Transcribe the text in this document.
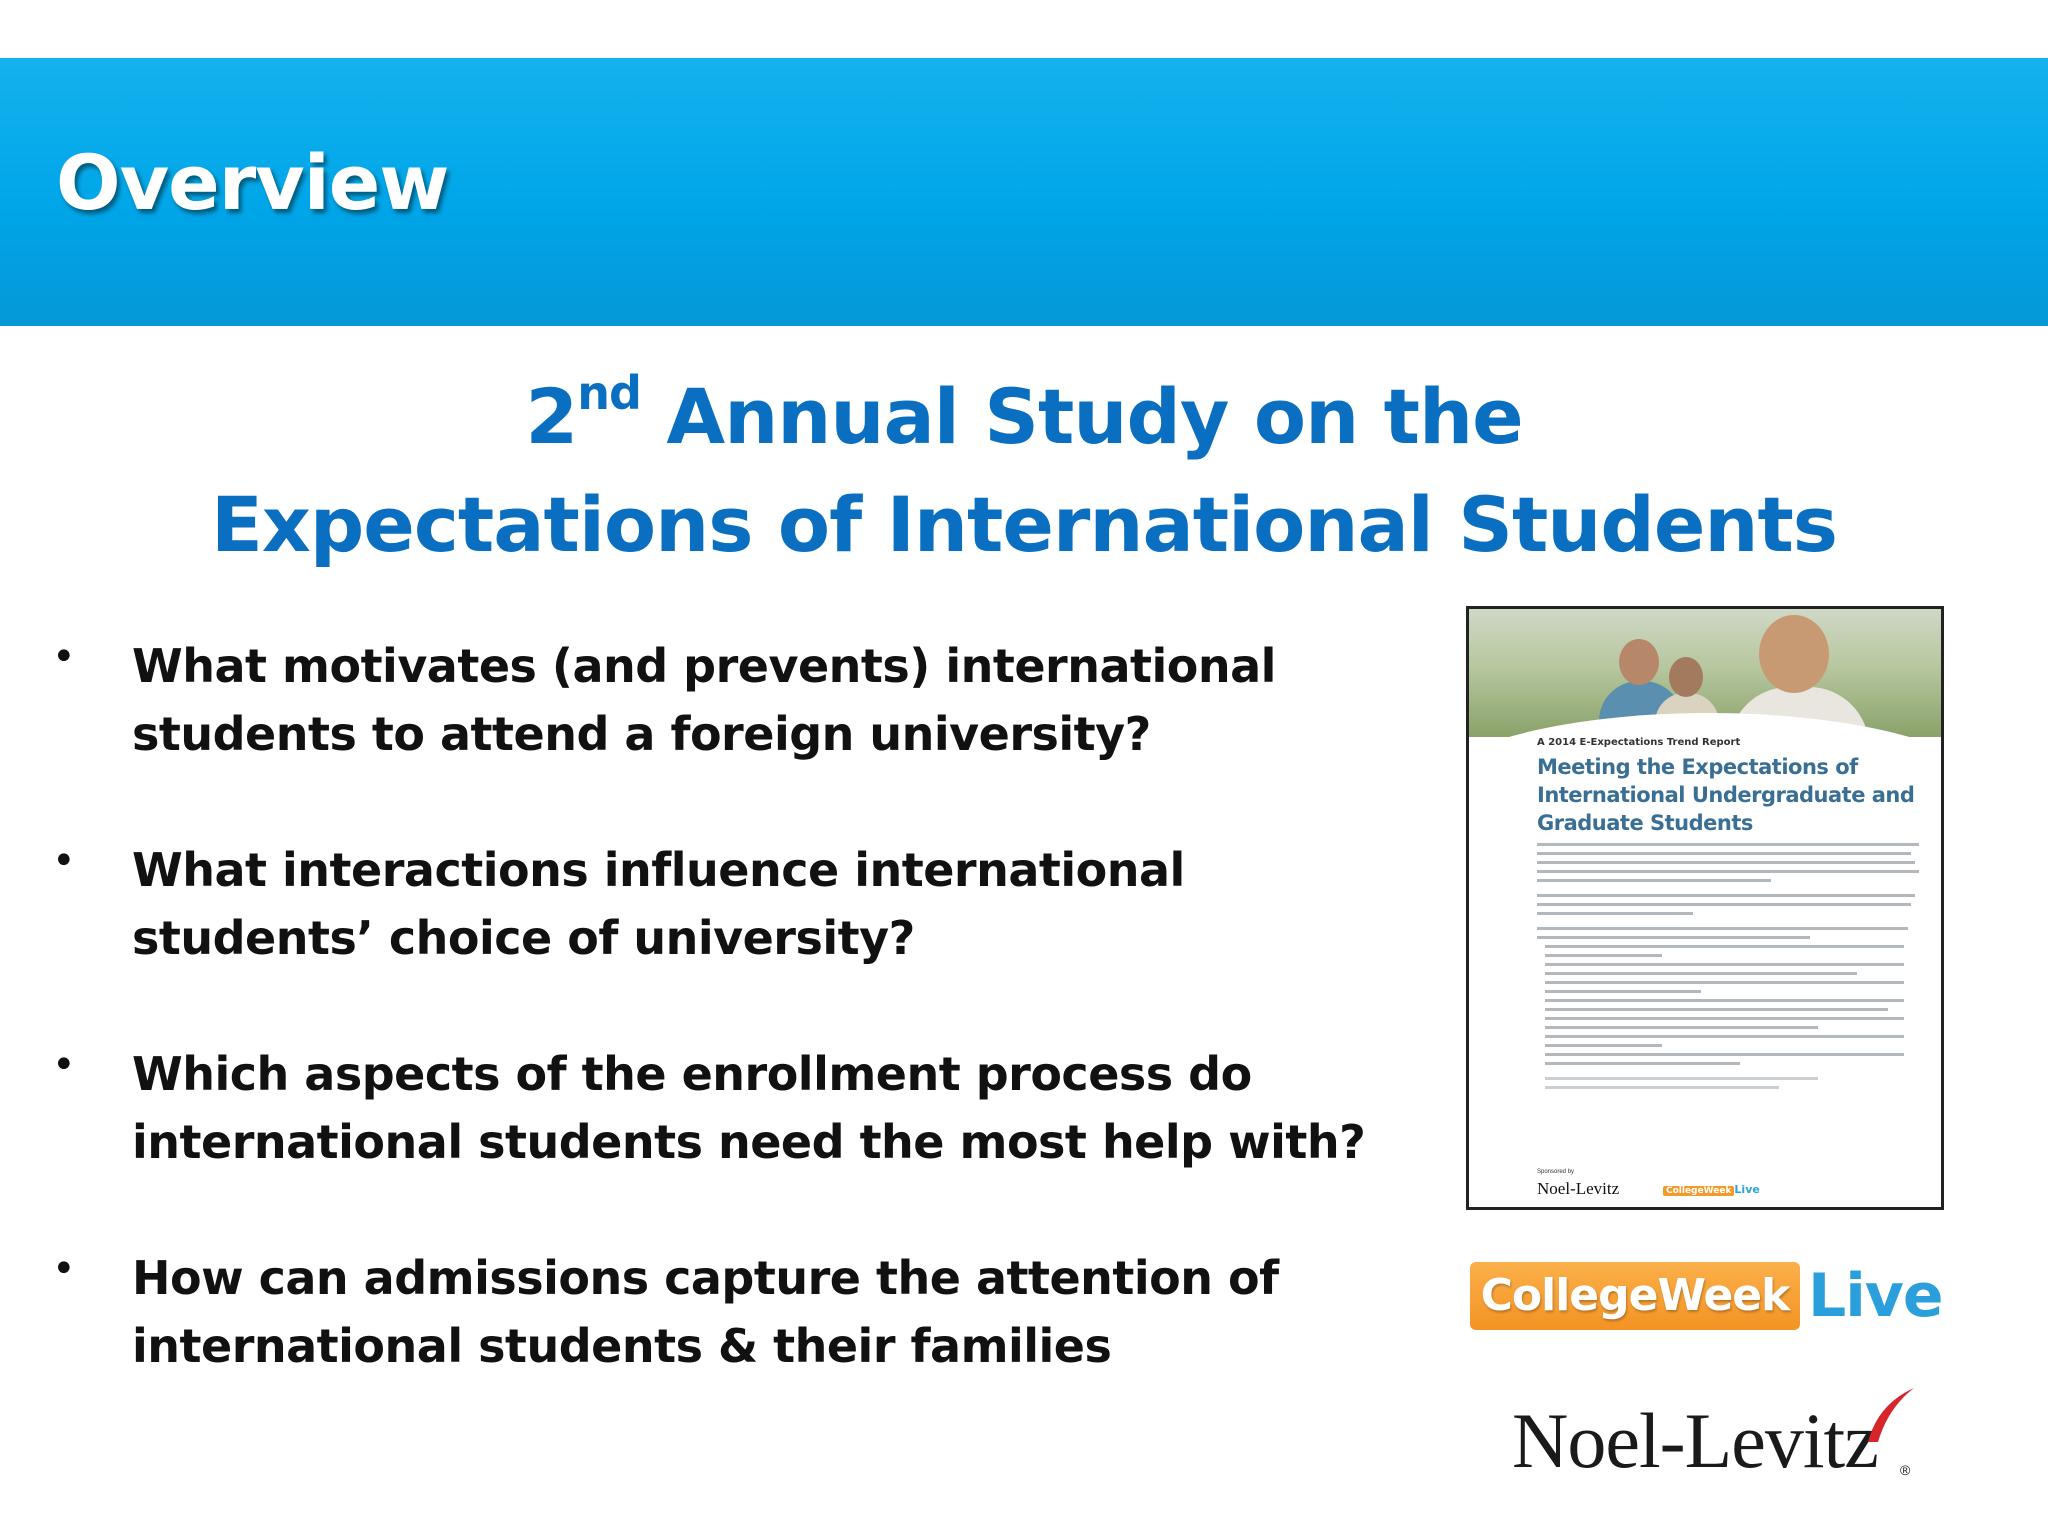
Overview
2nd Annual Study on the
Expectations of International Students
• What motivates (and prevents) international students to attend a foreign university?
• What interactions influence international students’ choice of university?
• Which aspects of the enrollment process do international students need the most help with?
• How can admissions capture the attention of international students & their families
A 2014 E-Expectations Trend Report
Meeting the Expectations of International Undergraduate and Graduate Students
Sponsored by
Noel-Levitz	CollegeWeek Live
CollegeWeek Live
Noel-Levitz ®
